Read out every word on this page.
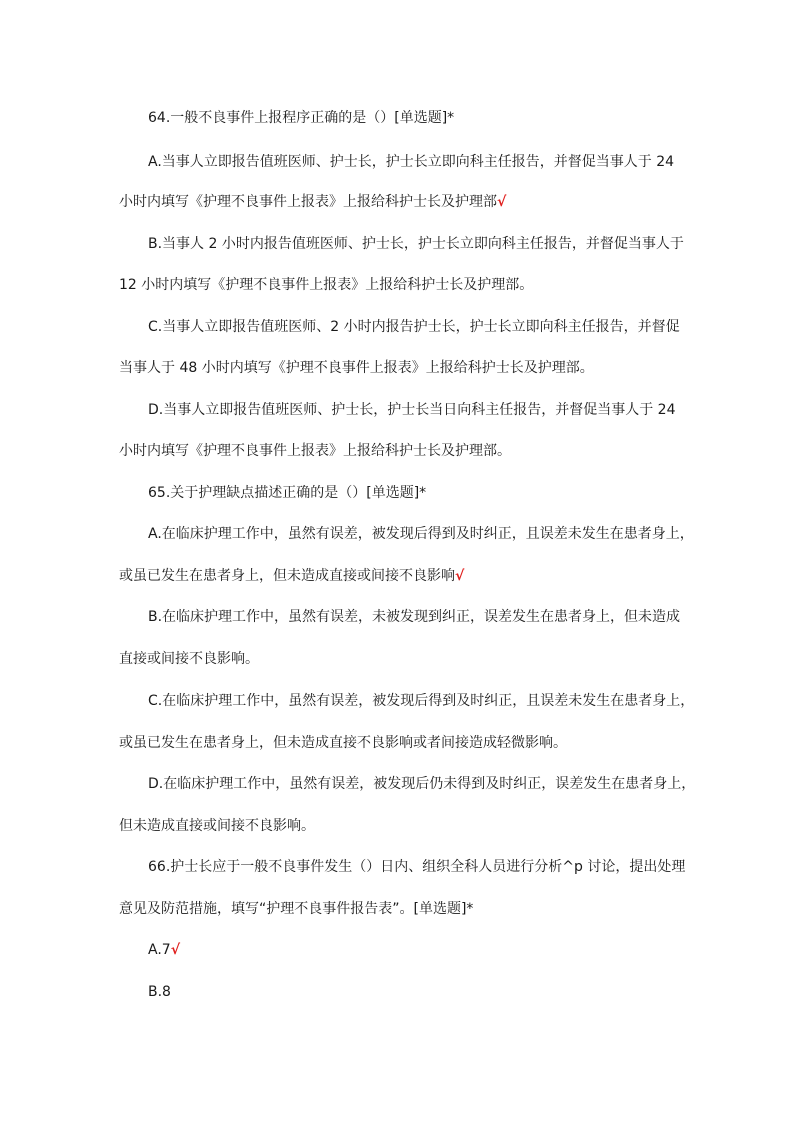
64.一般不良事件上报程序正确的是（）[单选题]*
A.当事人立即报告值班医师、护士长，护士长立即向科主任报告，并督促当事人于 24
小时内填写《护理不良事件上报表》上报给科护士长及护理部√
B.当事人 2 小时内报告值班医师、护士长，护士长立即向科主任报告，并督促当事人于
12 小时内填写《护理不良事件上报表》上报给科护士长及护理部。
C.当事人立即报告值班医师、2 小时内报告护士长，护士长立即向科主任报告，并督促
当事人于 48 小时内填写《护理不良事件上报表》上报给科护士长及护理部。
D.当事人立即报告值班医师、护士长，护士长当日向科主任报告，并督促当事人于 24
小时内填写《护理不良事件上报表》上报给科护士长及护理部。
65.关于护理缺点描述正确的是（）[单选题]*
A.在临床护理工作中，虽然有误差，被发现后得到及时纠正，且误差未发生在患者身上，
或虽已发生在患者身上，但未造成直接或间接不良影响√
B.在临床护理工作中，虽然有误差，未被发现到纠正，误差发生在患者身上，但未造成
直接或间接不良影响。
C.在临床护理工作中，虽然有误差，被发现后得到及时纠正，且误差未发生在患者身上，
或虽已发生在患者身上，但未造成直接不良影响或者间接造成轻微影响。
D.在临床护理工作中，虽然有误差，被发现后仍未得到及时纠正，误差发生在患者身上，
但未造成直接或间接不良影响。
66.护士长应于一般不良事件发生（）日内、组织全科人员进行分析^p 讨论，提出处理
意见及防范措施，填写“护理不良事件报告表”。[单选题]*
A.7√
B.8
